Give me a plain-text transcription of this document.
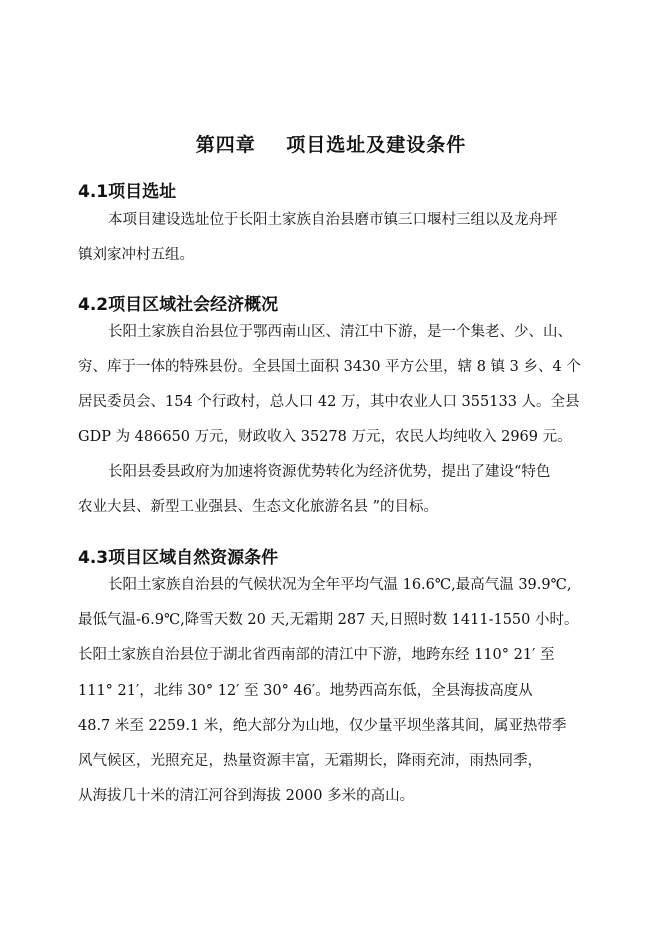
第四章    项目选址及建设条件
4.1项目选址
本项目建设选址位于长阳土家族自治县磨市镇三口堰村三组以及龙舟坪
镇刘家冲村五组。
4.2项目区域社会经济概况
长阳土家族自治县位于鄂西南山区、清江中下游，是一个集老、少、山、
穷、库于一体的特殊县份。全县国土面积 3430 平方公里，辖 8 镇 3 乡、4 个
居民委员会、154 个行政村，总人口 42 万，其中农业人口 355133 人。全县
GDP 为 486650 万元，财政收入 35278 万元，农民人均纯收入 2969 元。
长阳县委县政府为加速将资源优势转化为经济优势，提出了建设“特色
农业大县、新型工业强县、生态文化旅游名县 ”的目标。
4.3项目区域自然资源条件
长阳土家族自治县的气候状况为全年平均气温 16.6℃,最高气温 39.9℃,
最低气温-6.9℃,降雪天数 20 天,无霜期 287 天,日照时数 1411-1550 小时。
长阳土家族自治县位于湖北省西南部的清江中下游，地跨东经 110° 21′ 至
111° 21′，北纬 30° 12′ 至 30° 46′。地势西高东低，全县海拔高度从
48.7 米至 2259.1 米，绝大部分为山地，仅少量平坝坐落其间，属亚热带季
风气候区，光照充足，热量资源丰富，无霜期长，降雨充沛，雨热同季，
从海拔几十米的清江河谷到海拔 2000 多米的高山。
